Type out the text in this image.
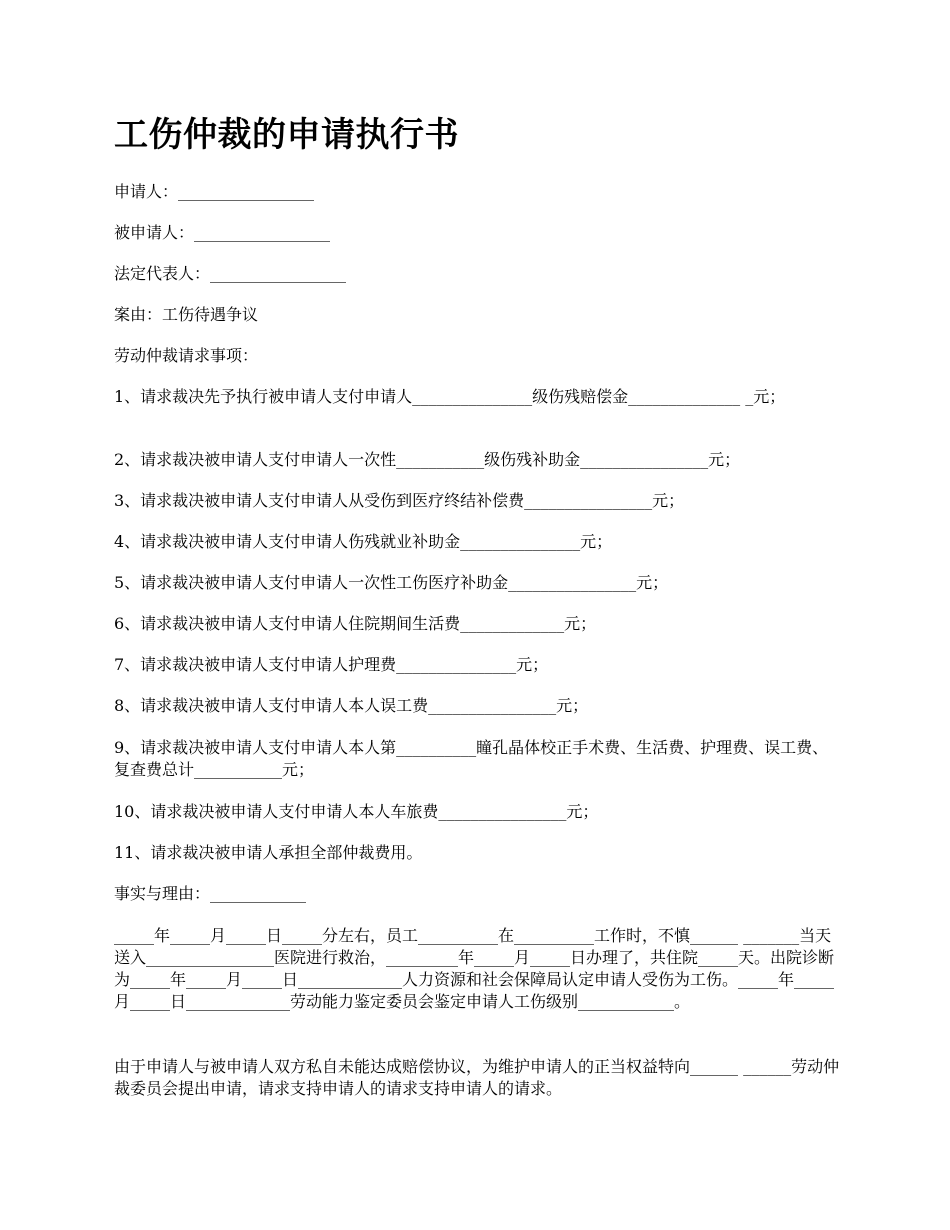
工伤仲裁的申请执行书

申请人：_________________

被申请人：_________________

法定代表人：_________________

案由：工伤待遇争议

劳动仲裁请求事项：

1、请求裁决先予执行被申请人支付申请人_______________级伤残赔偿金______________ _元；

2、请求裁决被申请人支付申请人一次性___________级伤残补助金________________元；

3、请求裁决被申请人支付申请人从受伤到医疗终结补偿费________________元；

4、请求裁决被申请人支付申请人伤残就业补助金_______________元；

5、请求裁决被申请人支付申请人一次性工伤医疗补助金________________元；

6、请求裁决被申请人支付申请人住院期间生活费_____________元；

7、请求裁决被申请人支付申请人护理费_______________元；

8、请求裁决被申请人支付申请人本人误工费________________元；

9、请求裁决被申请人支付申请人本人第__________瞳孔晶体校正手术费、生活费、护理费、误工费、复查费总计___________元；

10、请求裁决被申请人支付申请人本人车旅费________________元；

11、请求裁决被申请人承担全部仲裁费用。

事实与理由：____________

_____年_____月_____日_____分左右，员工__________在__________工作时，不慎______ _______当天送入________________医院进行救治，_________年_____月_____日办理了，共住院_____天。出院诊断为_____年_____月_____日_____________人力资源和社会保障局认定申请人受伤为工伤。_____年_____月_____日_____________劳动能力鉴定委员会鉴定申请人工伤级别____________。

由于申请人与被申请人双方私自未能达成赔偿协议，为维护申请人的正当权益特向______ ______劳动仲裁委员会提出申请，请求支持申请人的请求支持申请人的请求。
